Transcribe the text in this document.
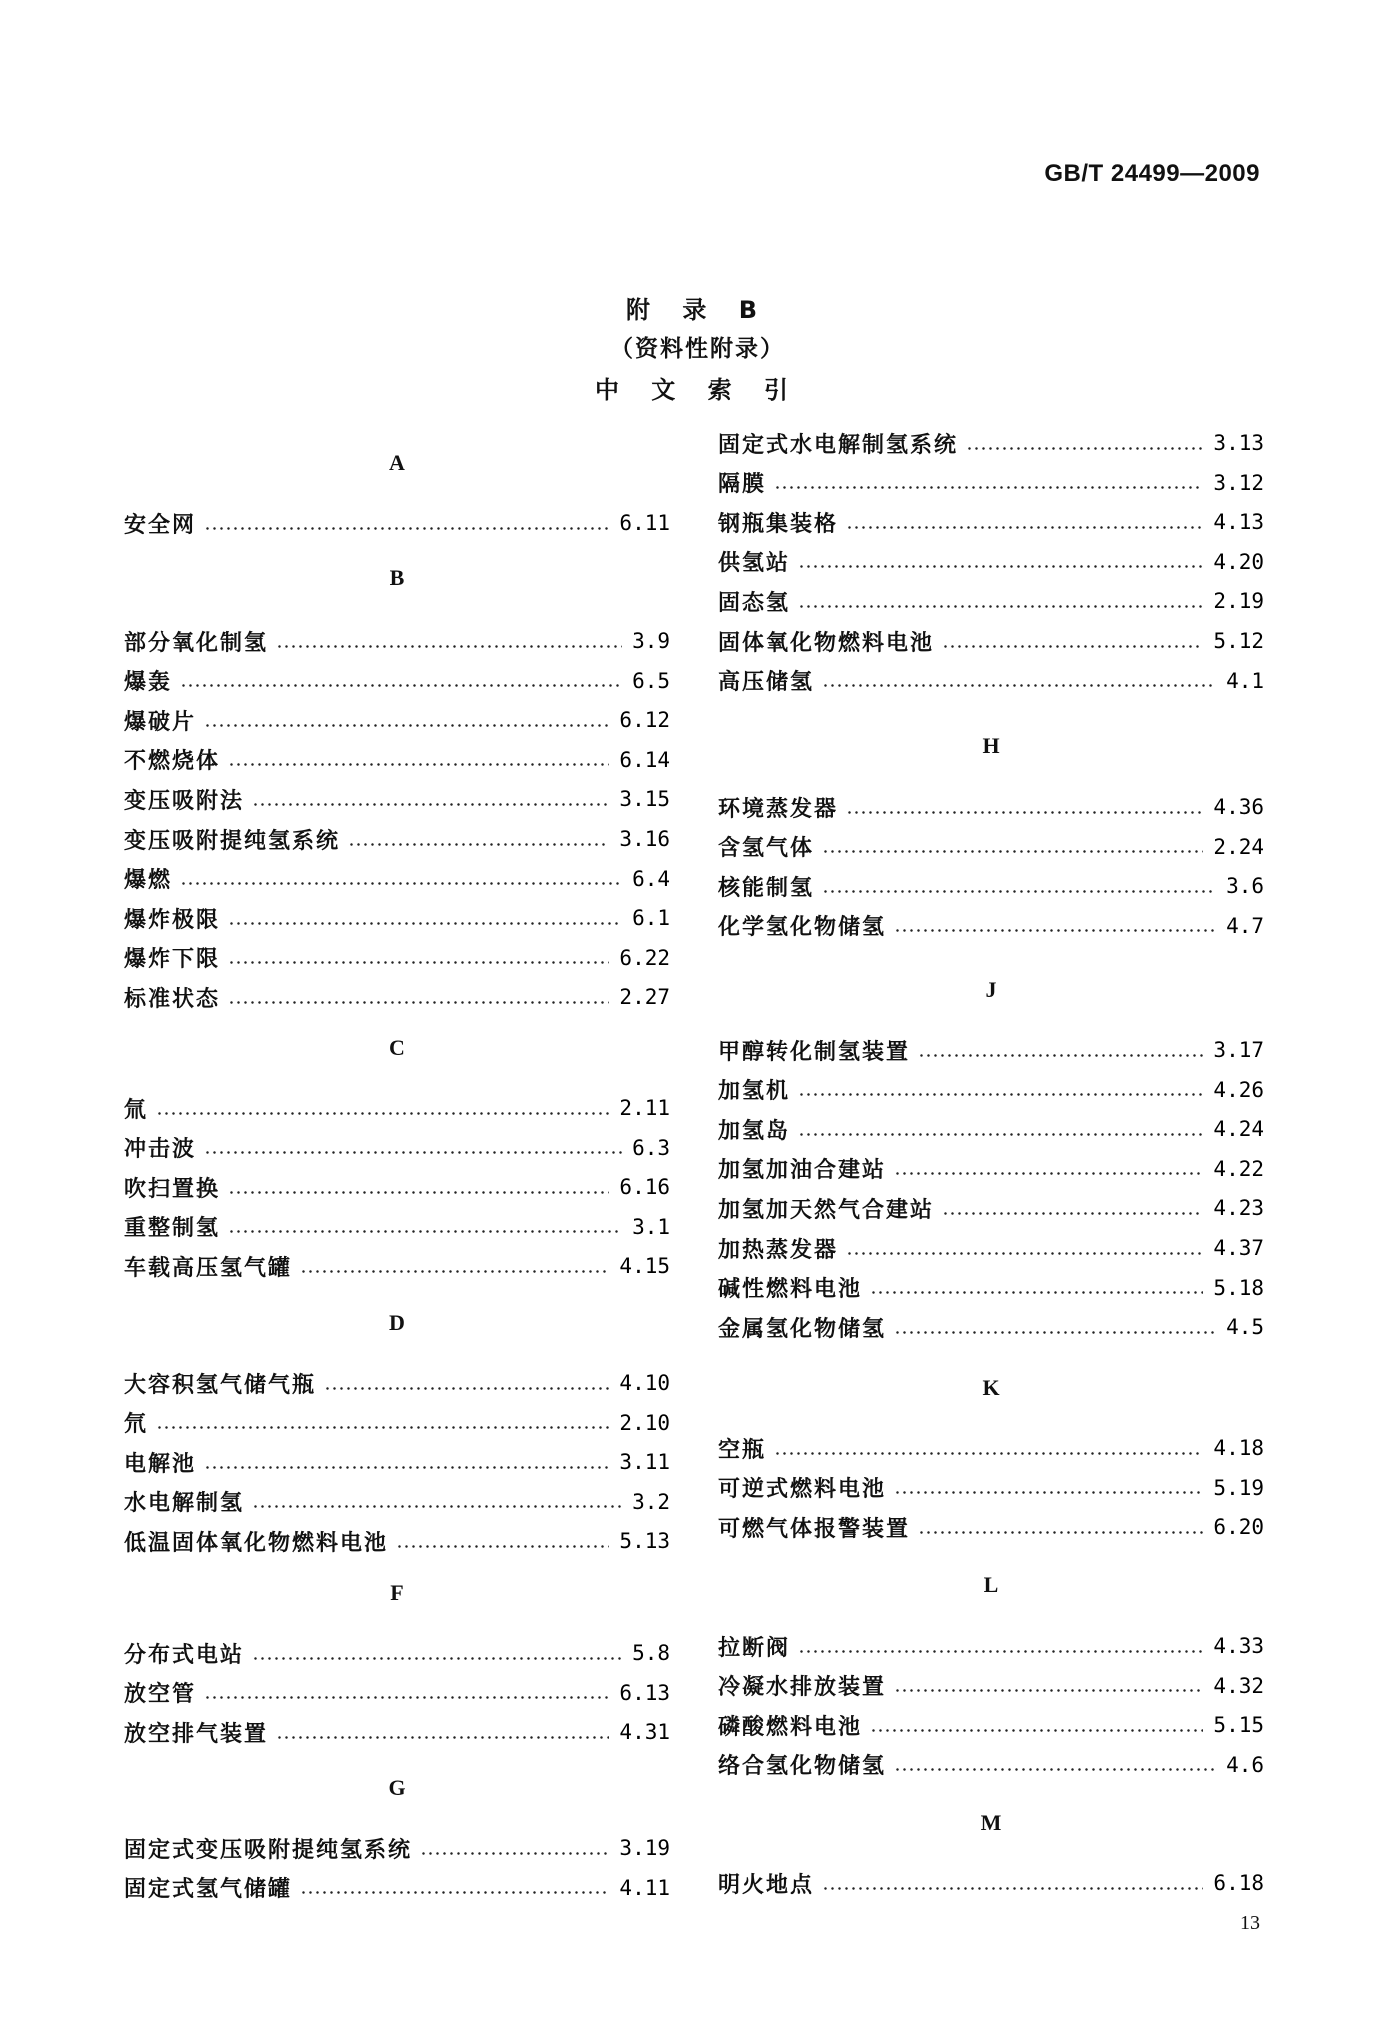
GB/T 24499—2009
附 录 B
（资料性附录）
中 文 索 引
A
安全网	6.11
B
部分氧化制氢	3.9
爆轰	6.5
爆破片	6.12
不燃烧体	6.14
变压吸附法	3.15
变压吸附提纯氢系统	3.16
爆燃	6.4
爆炸极限	6.1
爆炸下限	6.22
标准状态	2.27
C
氚	2.11
冲击波	6.3
吹扫置换	6.16
重整制氢	3.1
车载高压氢气罐	4.15
D
大容积氢气储气瓶	4.10
氘	2.10
电解池	3.11
水电解制氢	3.2
低温固体氧化物燃料电池	5.13
F
分布式电站	5.8
放空管	6.13
放空排气装置	4.31
G
固定式变压吸附提纯氢系统	3.19
固定式氢气储罐	4.11
固定式水电解制氢系统	3.13
隔膜	3.12
钢瓶集装格	4.13
供氢站	4.20
固态氢	2.19
固体氧化物燃料电池	5.12
高压储氢	4.1
H
环境蒸发器	4.36
含氢气体	2.24
核能制氢	3.6
化学氢化物储氢	4.7
J
甲醇转化制氢装置	3.17
加氢机	4.26
加氢岛	4.24
加氢加油合建站	4.22
加氢加天然气合建站	4.23
加热蒸发器	4.37
碱性燃料电池	5.18
金属氢化物储氢	4.5
K
空瓶	4.18
可逆式燃料电池	5.19
可燃气体报警装置	6.20
L
拉断阀	4.33
冷凝水排放装置	4.32
磷酸燃料电池	5.15
络合氢化物储氢	4.6
M
明火地点	6.18
13
